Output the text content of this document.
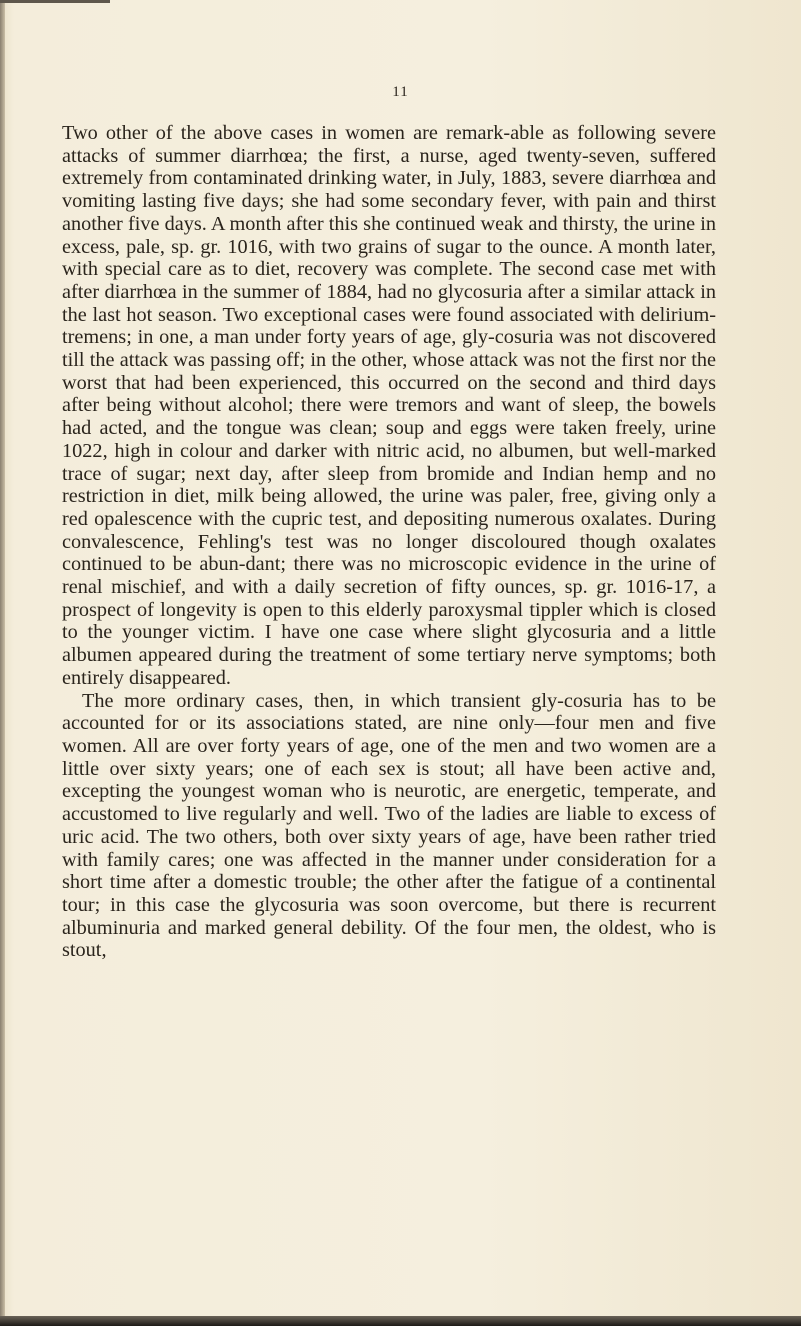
11

Two other of the above cases in women are remark-able as following severe attacks of summer diarrhœa; the first, a nurse, aged twenty-seven, suffered extremely from contaminated drinking water, in July, 1883, severe diarrhœa and vomiting lasting five days; she had some secondary fever, with pain and thirst another five days. A month after this she continued weak and thirsty, the urine in excess, pale, sp. gr. 1016, with two grains of sugar to the ounce. A month later, with special care as to diet, recovery was complete. The second case met with after diarrhœa in the summer of 1884, had no glycosuria after a similar attack in the last hot season. Two exceptional cases were found associated with delirium-tremens; in one, a man under forty years of age, gly-cosuria was not discovered till the attack was passing off; in the other, whose attack was not the first nor the worst that had been experienced, this occurred on the second and third days after being without alcohol; there were tremors and want of sleep, the bowels had acted, and the tongue was clean; soup and eggs were taken freely, urine 1022, high in colour and darker with nitric acid, no albumen, but well-marked trace of sugar; next day, after sleep from bromide and Indian hemp and no restriction in diet, milk being allowed, the urine was paler, free, giving only a red opalescence with the cupric test, and depositing numerous oxalates. During convalescence, Fehling's test was no longer discoloured though oxalates continued to be abun-dant; there was no microscopic evidence in the urine of renal mischief, and with a daily secretion of fifty ounces, sp. gr. 1016-17, a prospect of longevity is open to this elderly paroxysmal tippler which is closed to the younger victim. I have one case where slight glycosuria and a little albumen appeared during the treatment of some tertiary nerve symptoms; both entirely disappeared.

The more ordinary cases, then, in which transient gly-cosuria has to be accounted for or its associations stated, are nine only—four men and five women. All are over forty years of age, one of the men and two women are a little over sixty years; one of each sex is stout; all have been active and, excepting the youngest woman who is neurotic, are energetic, temperate, and accustomed to live regularly and well. Two of the ladies are liable to excess of uric acid. The two others, both over sixty years of age, have been rather tried with family cares; one was affected in the manner under consideration for a short time after a domestic trouble; the other after the fatigue of a continental tour; in this case the glycosuria was soon overcome, but there is recurrent albuminuria and marked general debility. Of the four men, the oldest, who is stout,
